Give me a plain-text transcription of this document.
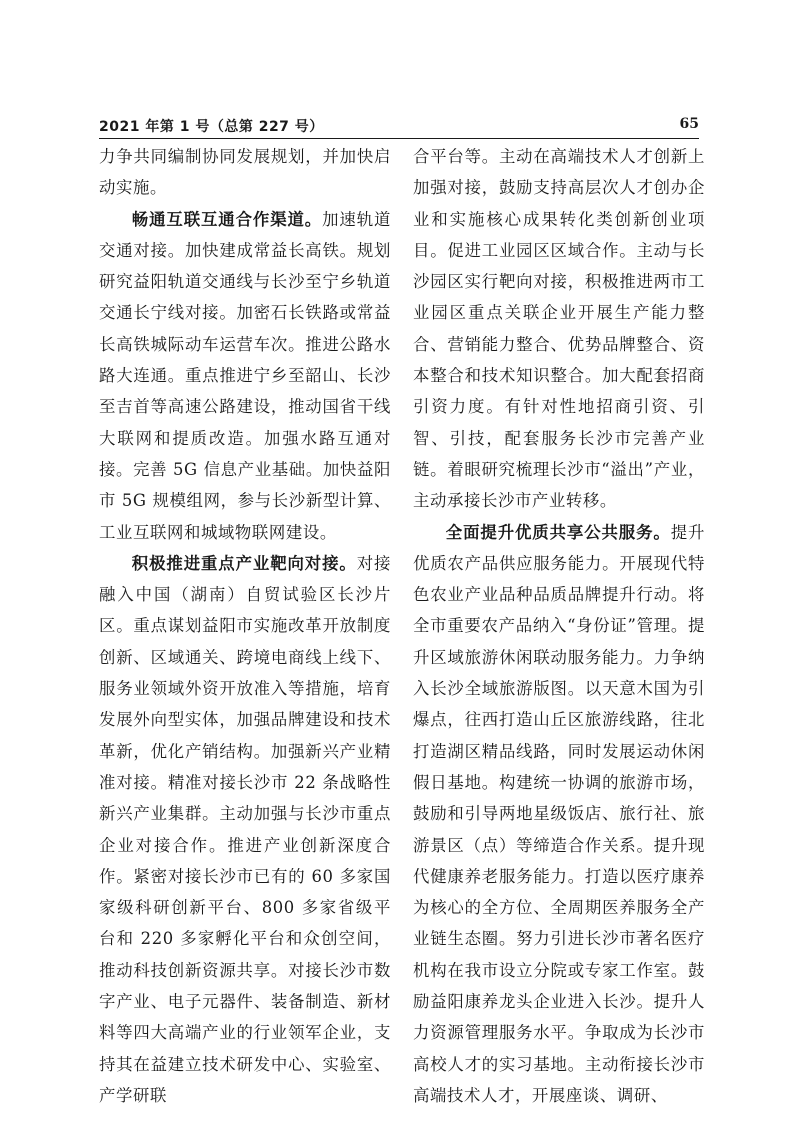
2021 年第 1 号（总第 227 号）	65

力争共同编制协同发展规划，并加快启动实施。

畅通互联互通合作渠道。加速轨道交通对接。加快建成常益长高铁。规划研究益阳轨道交通线与长沙至宁乡轨道交通长宁线对接。加密石长铁路或常益长高铁城际动车运营车次。推进公路水路大连通。重点推进宁乡至韶山、长沙至吉首等高速公路建设，推动国省干线大联网和提质改造。加强水路互通对接。完善 5G 信息产业基础。加快益阳市 5G 规模组网，参与长沙新型计算、工业互联网和城域物联网建设。

积极推进重点产业靶向对接。对接融入中国（湖南）自贸试验区长沙片区。重点谋划益阳市实施改革开放制度创新、区域通关、跨境电商线上线下、服务业领域外资开放准入等措施，培育发展外向型实体，加强品牌建设和技术革新，优化产销结构。加强新兴产业精准对接。精准对接长沙市 22 条战略性新兴产业集群。主动加强与长沙市重点企业对接合作。推进产业创新深度合作。紧密对接长沙市已有的 60 多家国家级科研创新平台、800 多家省级平台和 220 多家孵化平台和众创空间，推动科技创新资源共享。对接长沙市数字产业、电子元器件、装备制造、新材料等四大高端产业的行业领军企业，支持其在益建立技术研发中心、实验室、产学研联

合平台等。主动在高端技术人才创新上加强对接，鼓励支持高层次人才创办企业和实施核心成果转化类创新创业项目。促进工业园区区域合作。主动与长沙园区实行靶向对接，积极推进两市工业园区重点关联企业开展生产能力整合、营销能力整合、优势品牌整合、资本整合和技术知识整合。加大配套招商引资力度。有针对性地招商引资、引智、引技，配套服务长沙市完善产业链。着眼研究梳理长沙市“溢出”产业，主动承接长沙市产业转移。

全面提升优质共享公共服务。提升优质农产品供应服务能力。开展现代特色农业产业品种品质品牌提升行动。将全市重要农产品纳入“身份证”管理。提升区域旅游休闲联动服务能力。力争纳入长沙全域旅游版图。以天意木国为引爆点，往西打造山丘区旅游线路，往北打造湖区精品线路，同时发展运动休闲假日基地。构建统一协调的旅游市场，鼓励和引导两地星级饭店、旅行社、旅游景区（点）等缔造合作关系。提升现代健康养老服务能力。打造以医疗康养为核心的全方位、全周期医养服务全产业链生态圈。努力引进长沙市著名医疗机构在我市设立分院或专家工作室。鼓励益阳康养龙头企业进入长沙。提升人力资源管理服务水平。争取成为长沙市高校人才的实习基地。主动衔接长沙市高端技术人才，开展座谈、调研、
